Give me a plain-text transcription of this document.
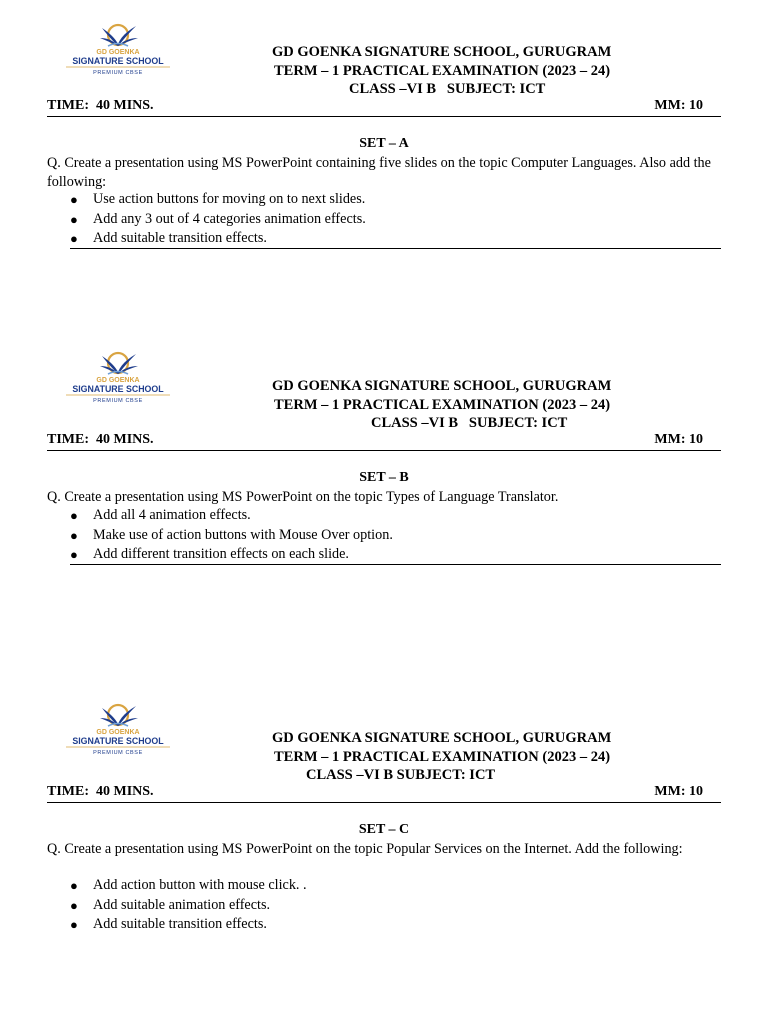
GD GOENKA
SIGNATURE SCHOOL
PREMIUM CBSE
GD GOENKA SIGNATURE SCHOOL, GURUGRAM
TERM – 1 PRACTICAL EXAMINATION (2023 – 24)
CLASS –VI B   SUBJECT: ICT
TIME:  40 MINS.	MM: 10
SET – A
Q. Create a presentation using MS PowerPoint containing five slides on the topic Computer Languages. Also add the following:
● Use action buttons for moving on to next slides.
● Add any 3 out of 4 categories animation effects.
● Add suitable transition effects.
GD GOENKA
SIGNATURE SCHOOL
PREMIUM CBSE
GD GOENKA SIGNATURE SCHOOL, GURUGRAM
TERM – 1 PRACTICAL EXAMINATION (2023 – 24)
CLASS –VI B   SUBJECT: ICT
TIME:  40 MINS.	MM: 10
SET – B
Q. Create a presentation using MS PowerPoint on the topic Types of Language Translator.
● Add all 4 animation effects.
● Make use of action buttons with Mouse Over option.
● Add different transition effects on each slide.
GD GOENKA
SIGNATURE SCHOOL
PREMIUM CBSE
GD GOENKA SIGNATURE SCHOOL, GURUGRAM
TERM – 1 PRACTICAL EXAMINATION (2023 – 24)
CLASS –VI B SUBJECT: ICT
TIME:  40 MINS.	MM: 10
SET – C
Q. Create a presentation using MS PowerPoint on the topic Popular Services on the Internet. Add the following:
● Add action button with mouse click. .
● Add suitable animation effects.
● Add suitable transition effects.
